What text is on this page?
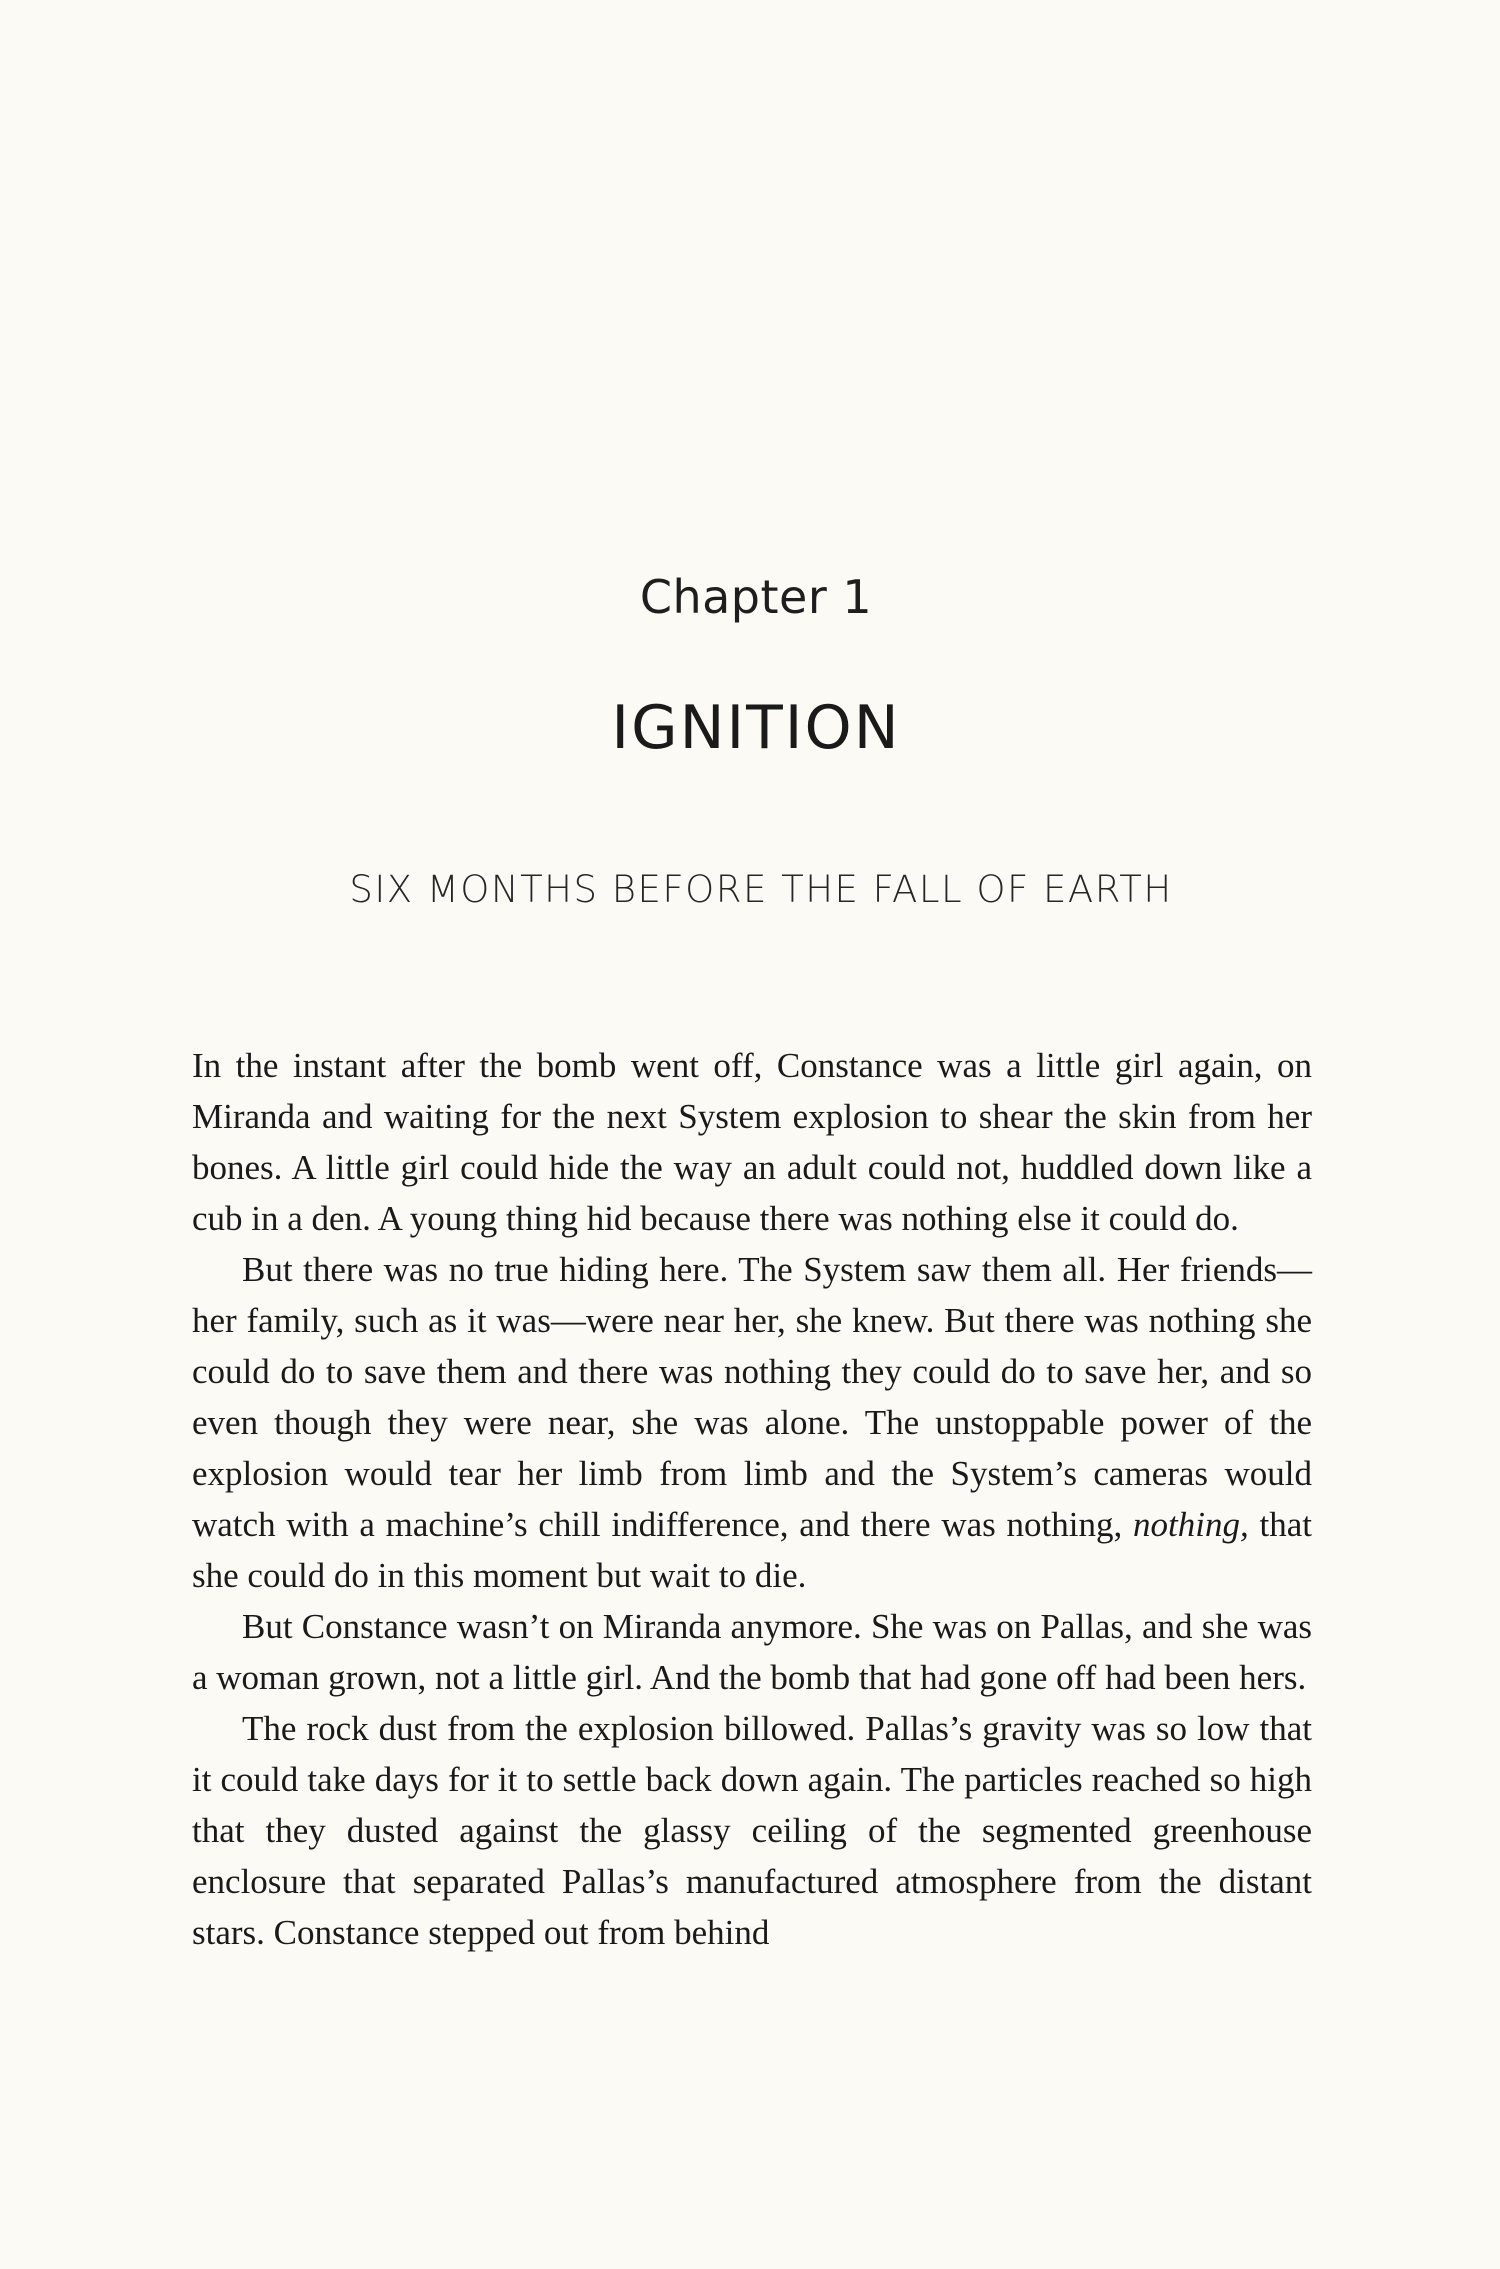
Chapter 1
IGNITION
SIX MONTHS BEFORE THE FALL OF EARTH

In the instant after the bomb went off, Constance was a little girl again, on Miranda and waiting for the next System explosion to shear the skin from her bones. A little girl could hide the way an adult could not, huddled down like a cub in a den. A young thing hid because there was nothing else it could do.

But there was no true hiding here. The System saw them all. Her friends—her family, such as it was—were near her, she knew. But there was nothing she could do to save them and there was nothing they could do to save her, and so even though they were near, she was alone. The unstoppable power of the explosion would tear her limb from limb and the System’s cameras would watch with a machine’s chill indifference, and there was nothing, nothing, that she could do in this moment but wait to die.

But Constance wasn’t on Miranda anymore. She was on Pallas, and she was a woman grown, not a little girl. And the bomb that had gone off had been hers.

The rock dust from the explosion billowed. Pallas’s gravity was so low that it could take days for it to settle back down again. The particles reached so high that they dusted against the glassy ceiling of the segmented greenhouse enclosure that separated Pallas’s manufactured atmosphere from the distant stars. Constance stepped out from behind
